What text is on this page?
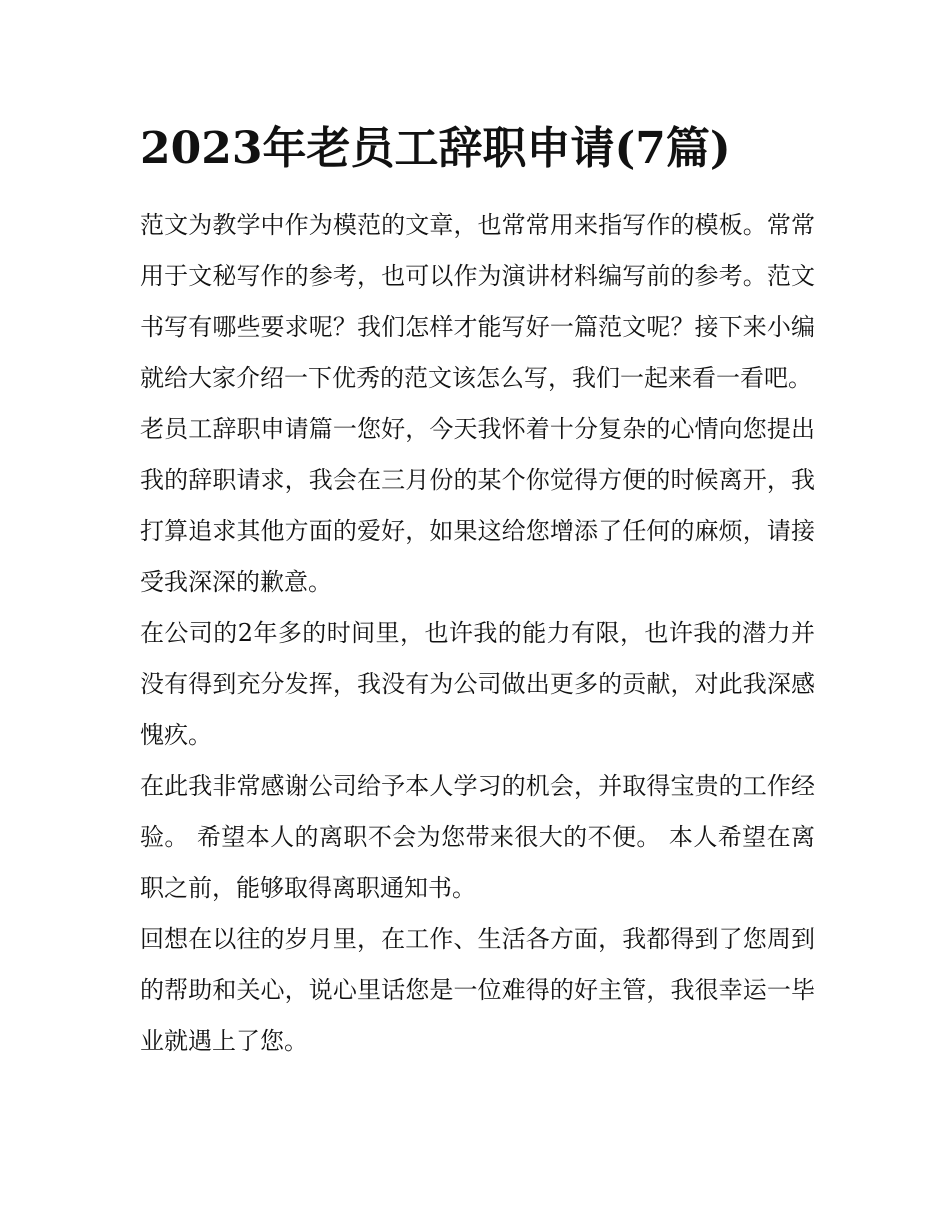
2023年老员工辞职申请(7篇)

范文为教学中作为模范的文章，也常常用来指写作的模板。常常用于文秘写作的参考，也可以作为演讲材料编写前的参考。范文书写有哪些要求呢？我们怎样才能写好一篇范文呢？接下来小编就给大家介绍一下优秀的范文该怎么写，我们一起来看一看吧。

老员工辞职申请篇一您好，今天我怀着十分复杂的心情向您提出我的辞职请求，我会在三月份的某个你觉得方便的时候离开，我打算追求其他方面的爱好，如果这给您增添了任何的麻烦，请接受我深深的歉意。

在公司的2年多的时间里，也许我的能力有限，也许我的潜力并没有得到充分发挥，我没有为公司做出更多的贡献，对此我深感愧疚。

在此我非常感谢公司给予本人学习的机会，并取得宝贵的工作经验。 希望本人的离职不会为您带来很大的不便。 本人希望在离职之前，能够取得离职通知书。

回想在以往的岁月里，在工作、生活各方面，我都得到了您周到的帮助和关心，说心里话您是一位难得的好主管，我很幸运一毕业就遇上了您。
